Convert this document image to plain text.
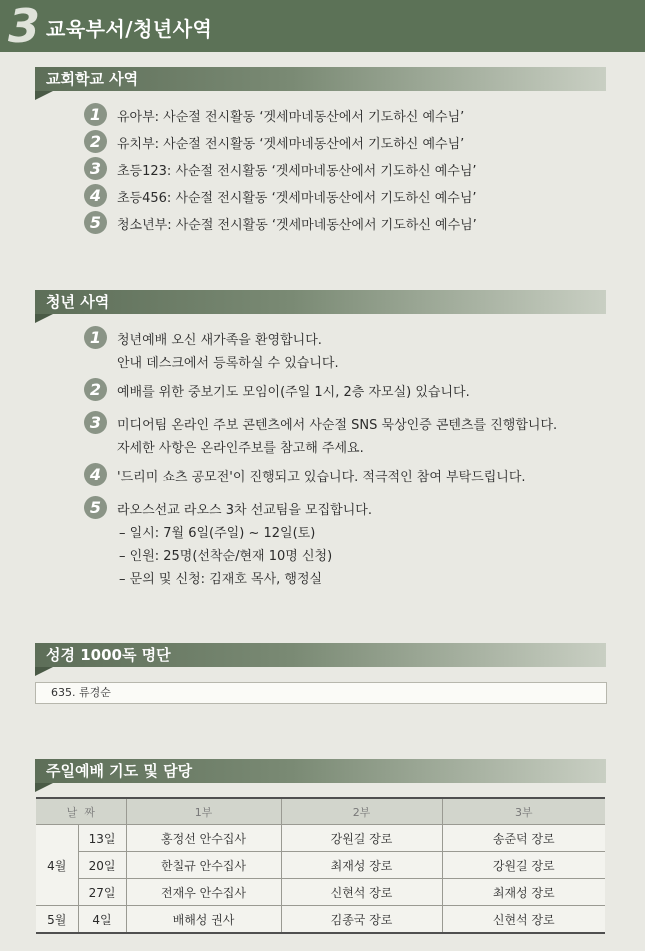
3 교육부서/청년사역
교회학교 사역
1	유아부: 사순절 전시활동 ‘겟세마네동산에서 기도하신 예수님’
2	유치부: 사순절 전시활동 ‘겟세마네동산에서 기도하신 예수님’
3	초등123: 사순절 전시활동 ‘겟세마네동산에서 기도하신 예수님’
4	초등456: 사순절 전시활동 ‘겟세마네동산에서 기도하신 예수님’
5	청소년부: 사순절 전시활동 ‘겟세마네동산에서 기도하신 예수님’
청년 사역
1	청년예배 오신 새가족을 환영합니다.
안내 데스크에서 등록하실 수 있습니다.
2	예배를 위한 중보기도 모임이(주일 1시, 2층 자모실) 있습니다.
3	미디어팀 온라인 주보 콘텐츠에서 사순절 SNS 묵상인증 콘텐츠를 진행합니다.
자세한 사항은 온라인주보를 참고해 주세요.
4	'드리미 쇼츠 공모전'이 진행되고 있습니다. 적극적인 참여 부탁드립니다.
5	라오스선교 라오스 3차 선교팀을 모집합니다.
– 일시: 7월 6일(주일) ~ 12일(토)
– 인원: 25명(선착순/현재 10명 신청)
– 문의 및 신청: 김재호 목사, 행정실
성경 1000독 명단
635. 류경순
주일예배 기도 및 담당
날  짜		1부	2부	3부
4월	13일	홍정선 안수집사	강원길 장로	송준덕 장로
	20일	한칠규 안수집사	최재성 장로	강원길 장로
	27일	전재우 안수집사	신현석 장로	최재성 장로
5월	4일	배해성 권사	김종국 장로	신현석 장로
